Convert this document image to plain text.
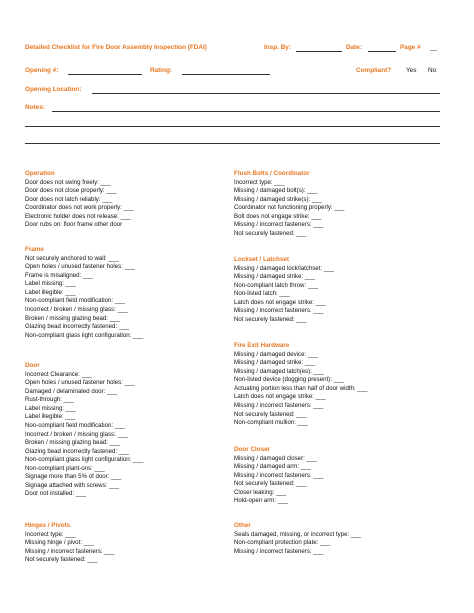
Detailed Checklist for Fire Door Assembly Inspection (FDAI)	Insp. By:	Date:	Page # __
Opening #:	Rating:	Compliant? Yes No
Opening Location:
Notes:
Operation
Door does not swing freely: ___
Door does not close properly: ___
Door does not latch reliably: ___
Coordinator does not work properly: ___
Electronic holder does not release: ___
Door rubs on: floor frame other door
Frame
Not securely anchored to wall: ___
Open holes / unused fastener holes: ___
Frame is misaligned: ___
Label missing: ___
Label illegible: ___
Non-compliant field modification: ___
Incorrect / broken / missing glass: ___
Broken / missing glazing bead: ___
Glazing bead incorrectly fastened: ___
Non-compliant glass light configuration: ___
Door
Incorrect Clearance: ___
Open holes / unused fastener holes: ___
Damaged / delaminated door: ___
Rust-through: ___
Label missing: ___
Label illegible: ___
Non-compliant field modification: ___
Incorrect / broken / missing glass: ___
Broken / missing glazing bead: ___
Glazing bead incorrectly fastened: ___
Non-compliant glass light configuration: ___
Non-compliant plant-ons: ___
Signage more than 5% of door: ___
Signage attached with screws: ___
Door not installed: ___
Hinges / Pivots
Incorrect type: ___
Missing hinge / pivot: ___
Missing / incorrect fasteners: ___
Not securely fastened: ___
Flush Bolts / Coordinator
Incorrect type: ___
Missing / damaged bolt(s): ___
Missing / damaged strike(s): ___
Coordinator not functioning properly: ___
Bolt does not engage strike: ___
Missing / incorrect fasteners: ___
Not securely fastened: ___
Lockset / Latchset
Missing / damaged lock/latchset: ___
Missing / damaged strike: ___
Non-compliant latch throw: ___
Non-listed latch: ___
Latch does not engage strike: ___
Missing / incorrect fasteners: ___
Not securely fastened: ___
Fire Exit Hardware
Missing / damaged device: ___
Missing / damaged strike: ___
Missing / damaged latch(es): ___
Non-listed device (dogging present): ___
Actuating portion less than half of door width: ___
Latch does not engage strike: ___
Missing / incorrect fasteners: ___
Not securely fastened: ___
Non-compliant mullion: ___
Door Closer
Missing / damaged closer: ___
Missing / damaged arm: ___
Missing / incorrect fasteners: ___
Not securely fastened: ___
Closer leaking: ___
Hold-open arm: ___
Other
Seals damaged, missing, or incorrect type: ___
Non-compliant protection plate: ___
Missing / incorrect fasteners: ___
